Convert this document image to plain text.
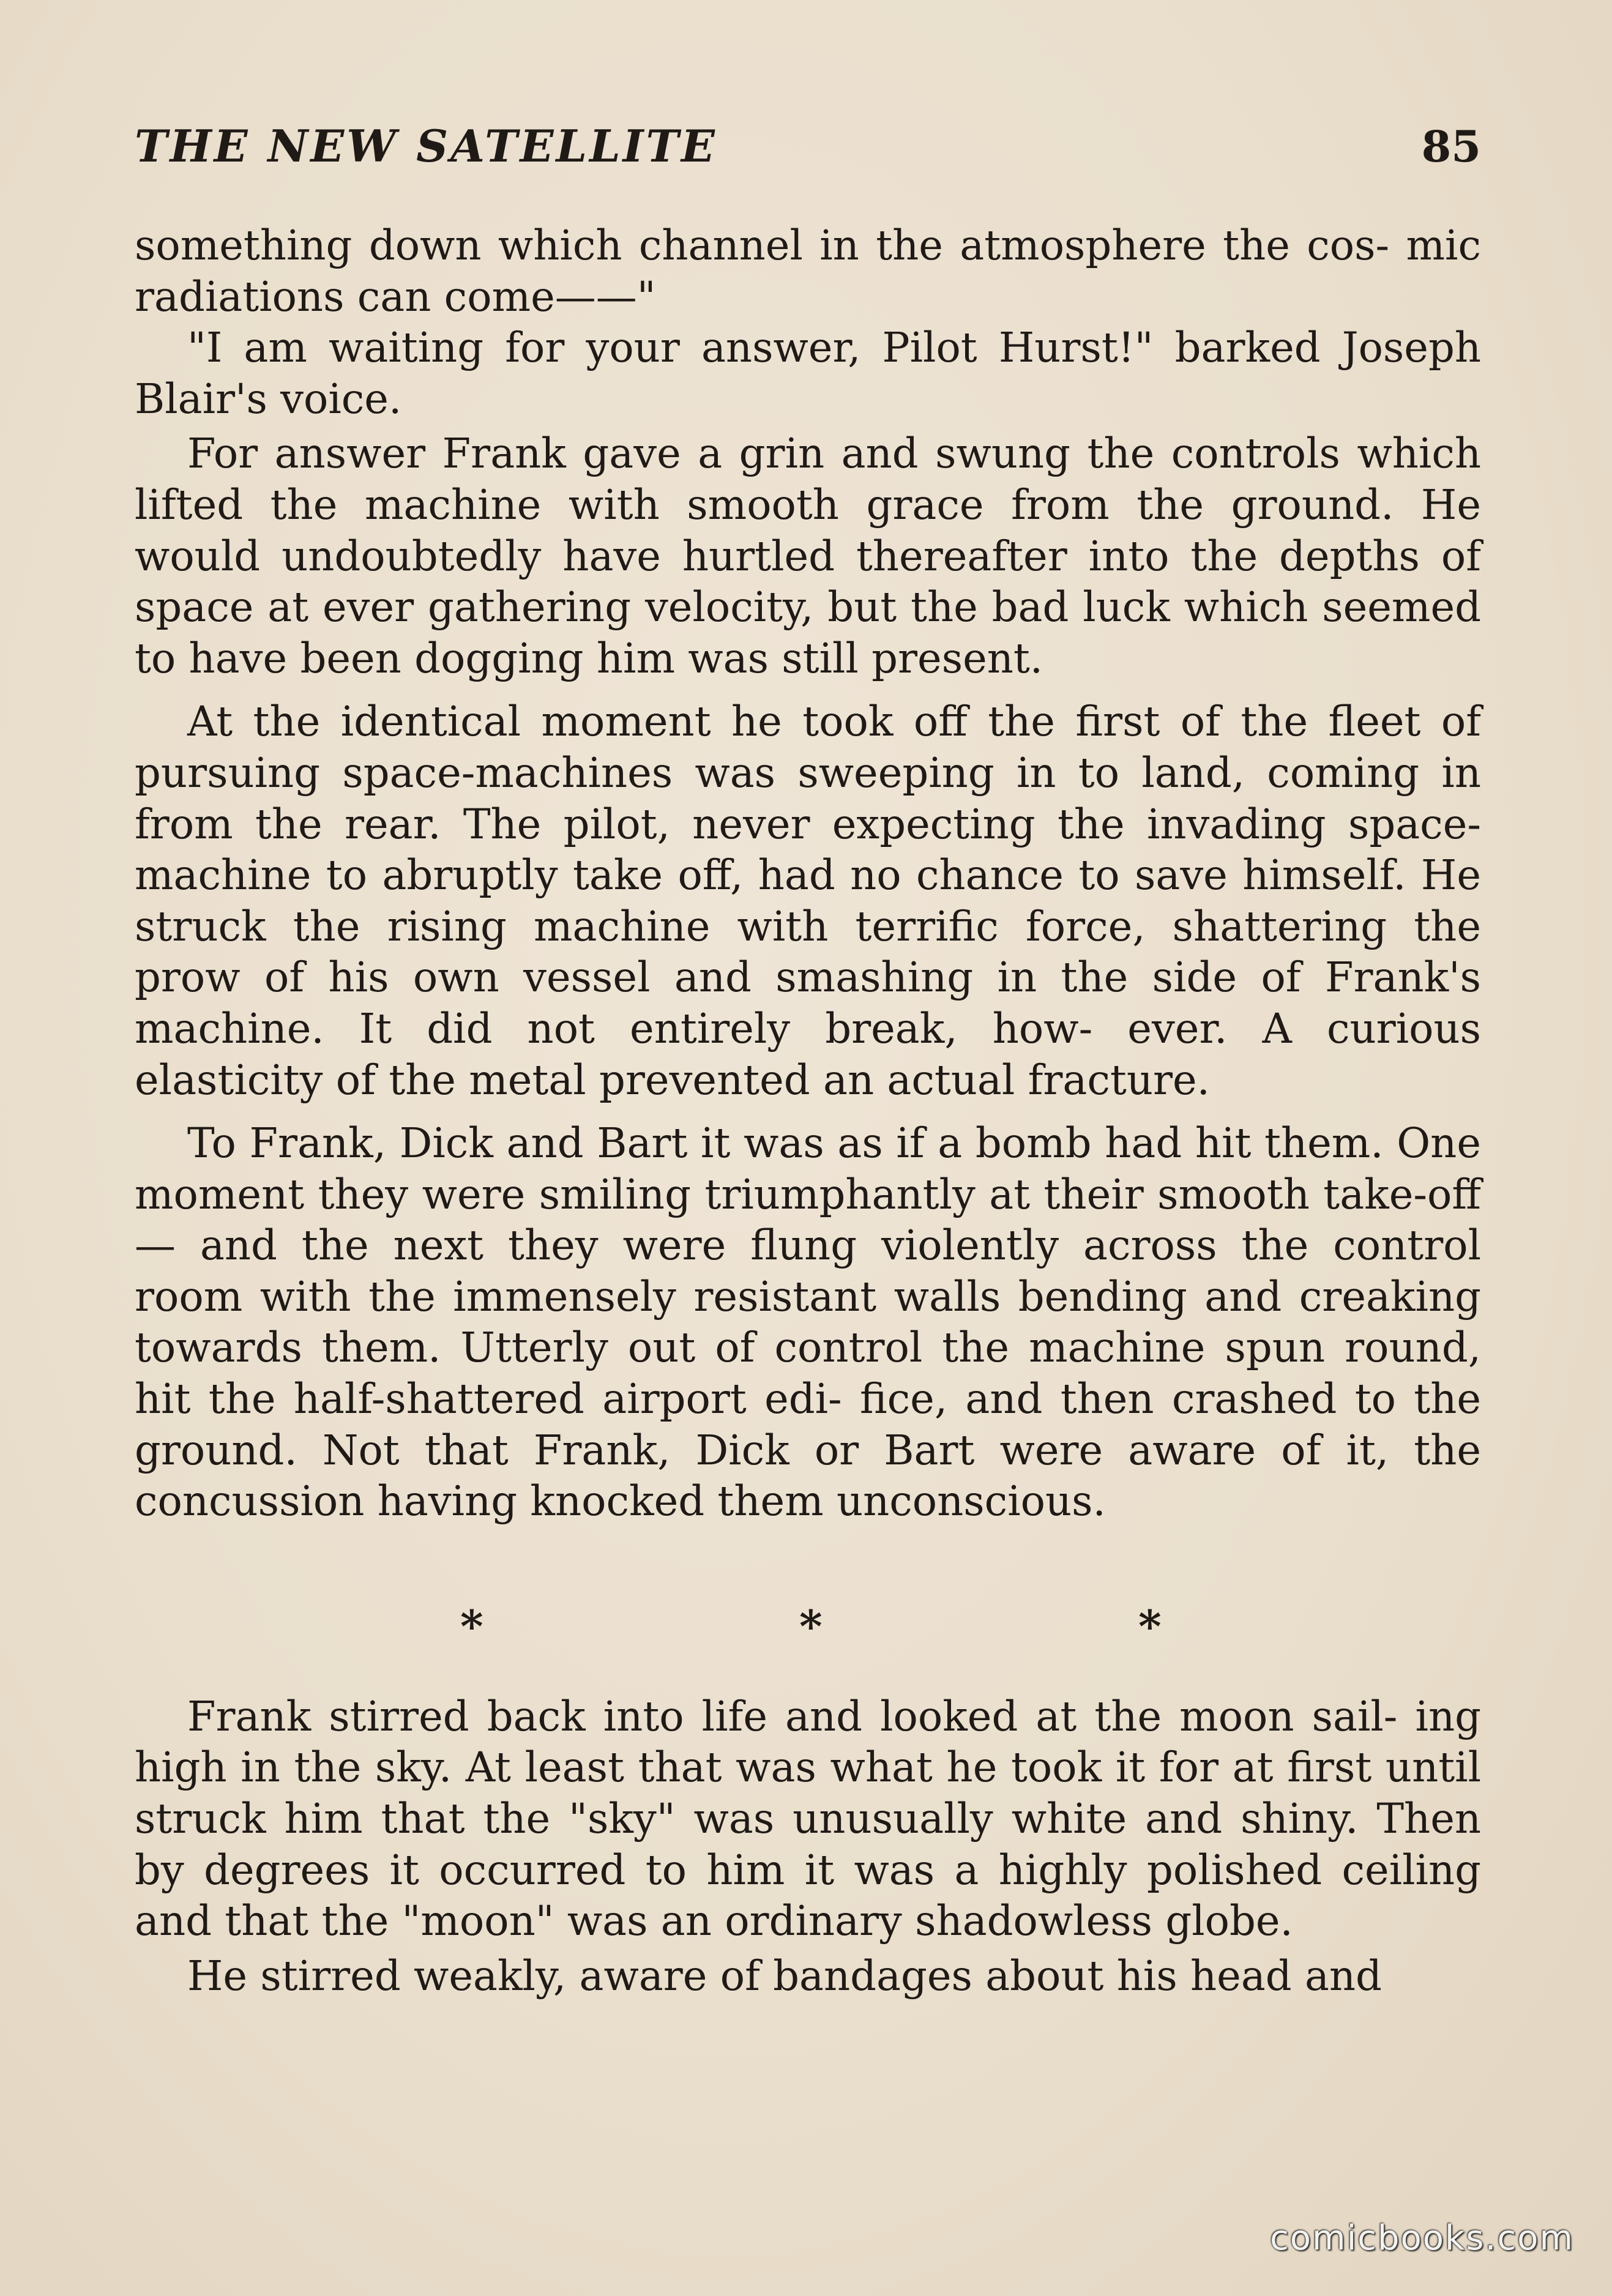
THE NEW SATELLITE	85

something down which channel in the atmosphere the cos- mic radiations can come——"

"I am waiting for your answer, Pilot Hurst!" barked Joseph Blair's voice.

For answer Frank gave a grin and swung the controls which lifted the machine with smooth grace from the ground. He would undoubtedly have hurtled thereafter into the depths of space at ever gathering velocity, but the bad luck which seemed to have been dogging him was still present.

At the identical moment he took off the first of the fleet of pursuing space-machines was sweeping in to land, coming in from the rear. The pilot, never expecting the invading space-machine to abruptly take off, had no chance to save himself. He struck the rising machine with terrific force, shattering the prow of his own vessel and smashing in the side of Frank's machine. It did not entirely break, how- ever. A curious elasticity of the metal prevented an actual fracture.

To Frank, Dick and Bart it was as if a bomb had hit them. One moment they were smiling triumphantly at their smooth take-off — and the next they were flung violently across the control room with the immensely resistant walls bending and creaking towards them. Utterly out of control the machine spun round, hit the half-shattered airport edi- fice, and then crashed to the ground. Not that Frank, Dick or Bart were aware of it, the concussion having knocked them unconscious.

*	*	*

Frank stirred back into life and looked at the moon sail- ing high in the sky. At least that was what he took it for at first until struck him that the "sky" was unusually white and shiny. Then by degrees it occurred to him it was a highly polished ceiling and that the "moon" was an ordinary shadowless globe.

He stirred weakly, aware of bandages about his head and

comicbooks.com
